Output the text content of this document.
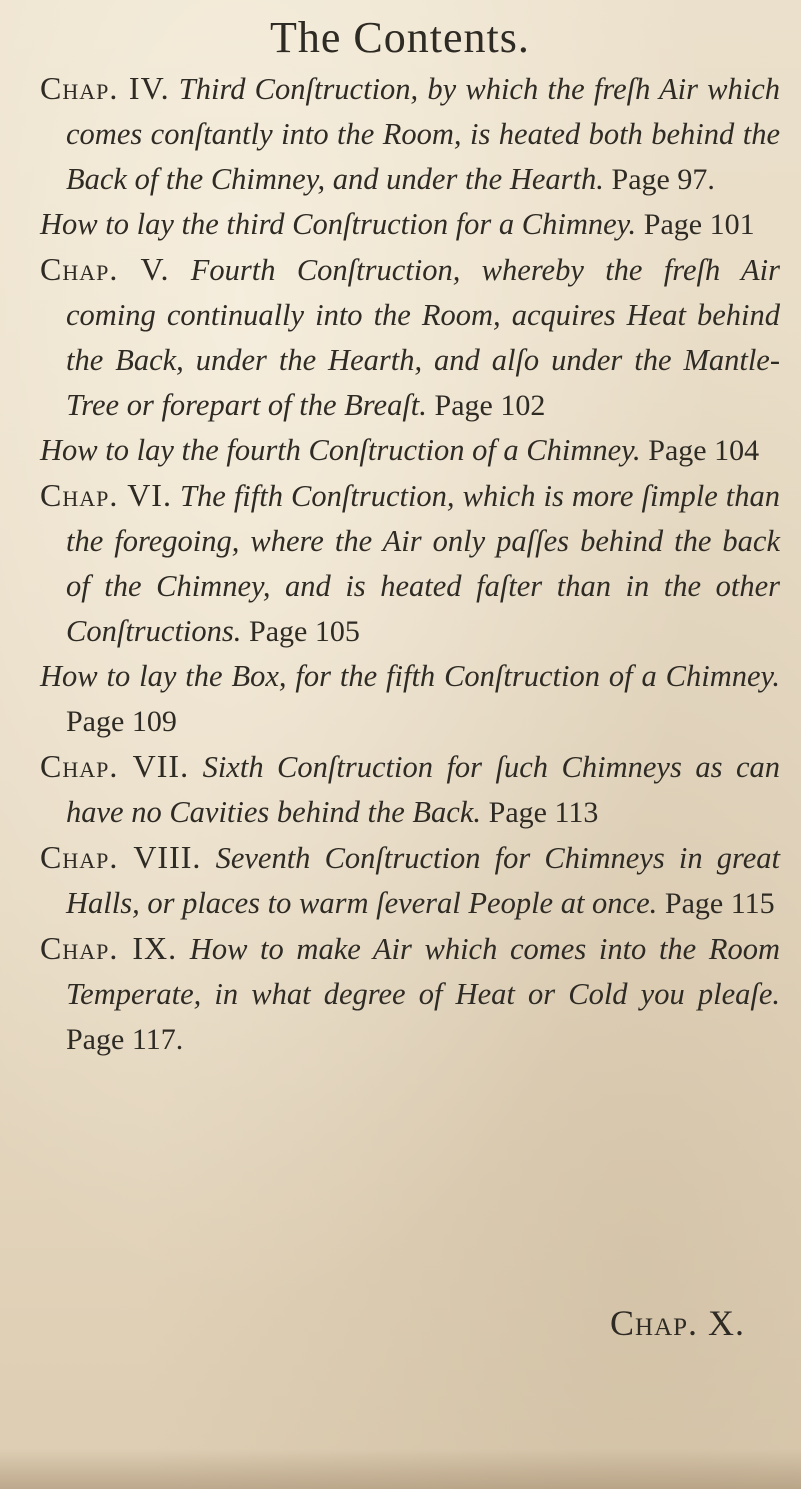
The Contents.

Chap. IV. Third Conſtruction, by which the freſh Air which comes conſtantly into the Room, is heated both behind the Back of the Chimney, and under the Hearth. Page 97.

How to lay the third Conſtruction for a Chimney. Page 101

Chap. V. Fourth Conſtruction, whereby the freſh Air coming continually into the Room, acquires Heat behind the Back, under the Hearth, and alſo under the Mantle-Tree or forepart of the Breaſt. Page 102

How to lay the fourth Conſtruction of a Chimney. Page 104

Chap. VI. The fifth Conſtruction, which is more ſimple than the foregoing, where the Air only paſſes behind the back of the Chimney, and is heated faſter than in the other Conſtructions. Page 105

How to lay the Box, for the fifth Conſtruction of a Chimney. Page 109

Chap. VII. Sixth Conſtruction for ſuch Chimneys as can have no Cavities behind the Back. Page 113

Chap. VIII. Seventh Conſtruction for Chimneys in great Halls, or places to warm ſeveral People at once. Page 115

Chap. IX. How to make Air which comes into the Room Temperate, in what degree of Heat or Cold you pleaſe. Page 117.

Chap. X.
